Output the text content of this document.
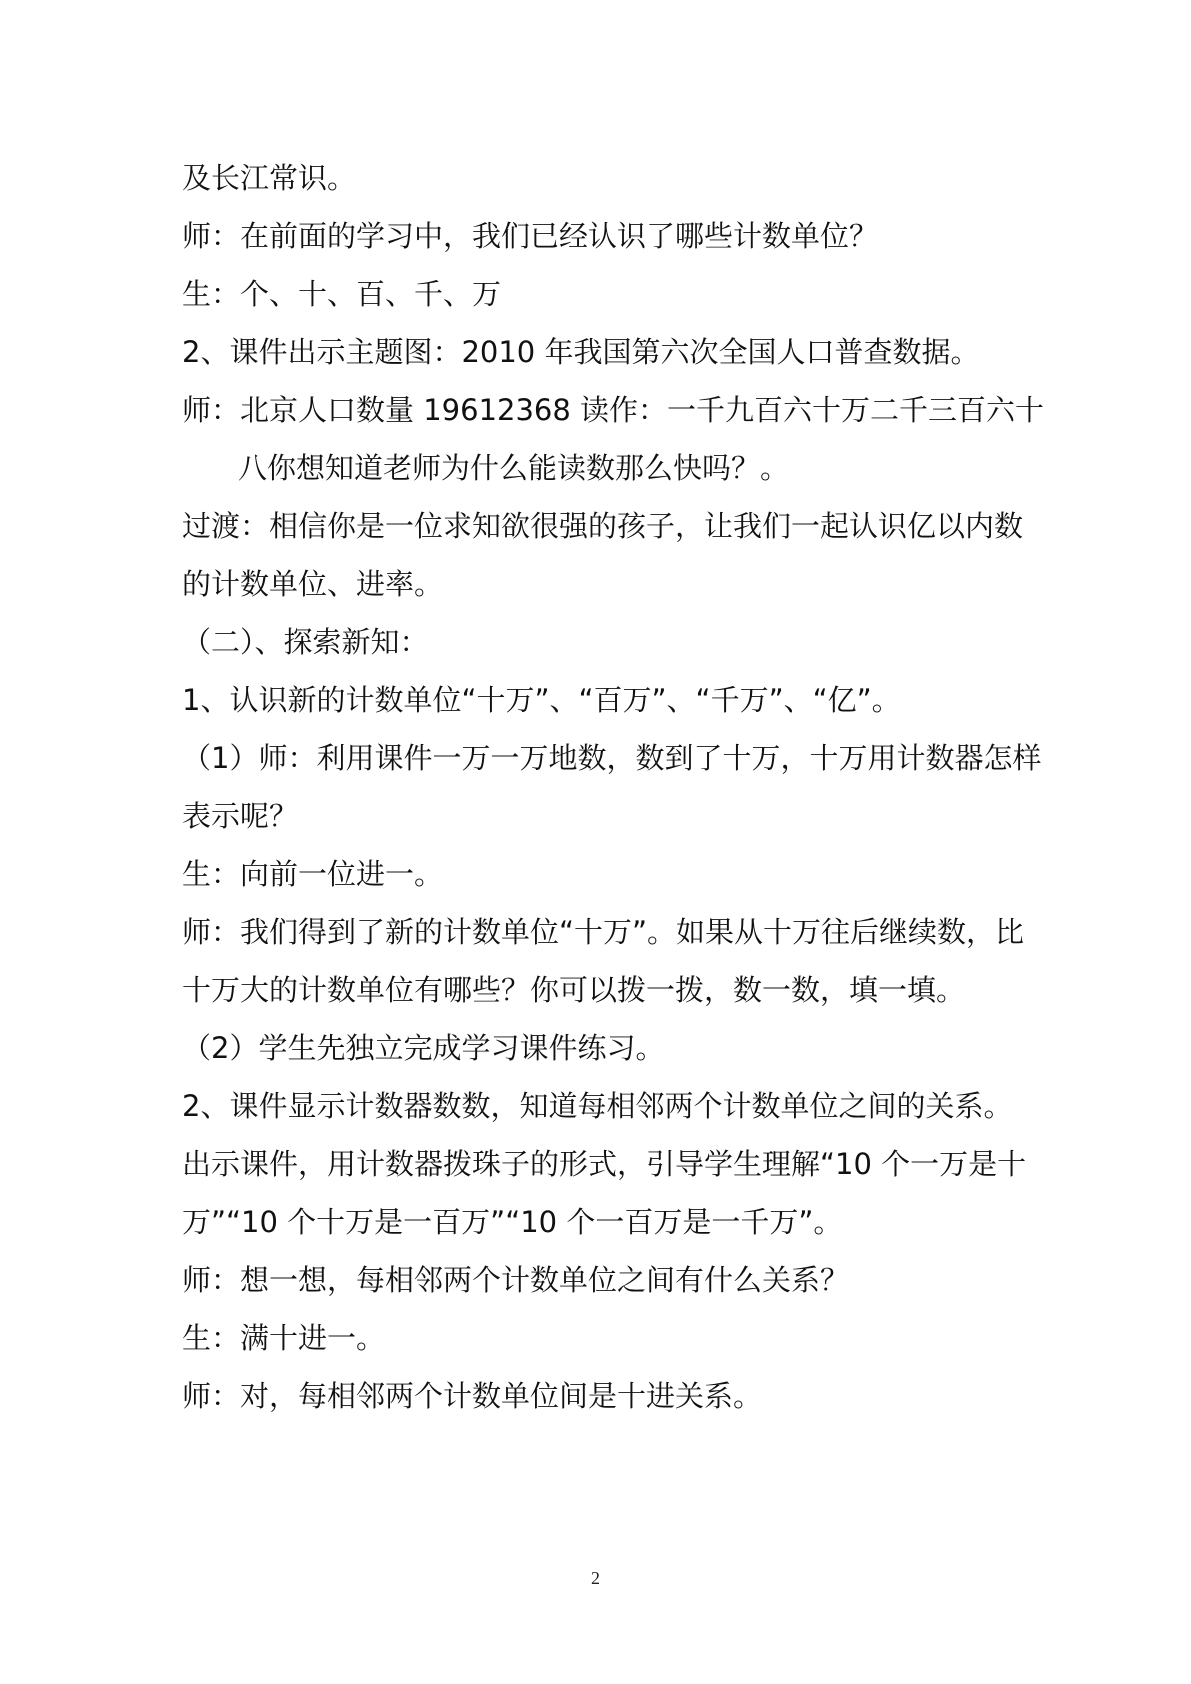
及长江常识。
师：在前面的学习中，我们已经认识了哪些计数单位？
生：个、十、百、千、万
2、课件出示主题图：2010 年我国第六次全国人口普查数据。
师：北京人口数量 19612368 读作：一千九百六十万二千三百六十
八你想知道老师为什么能读数那么快吗？。
过渡：相信你是一位求知欲很强的孩子，让我们一起认识亿以内数
的计数单位、进率。
（二）、探索新知：
1、认识新的计数单位“十万”、“百万”、“千万”、“亿”。
（1）师：利用课件一万一万地数，数到了十万，十万用计数器怎样
表示呢？
生：向前一位进一。
师：我们得到了新的计数单位“十万”。如果从十万往后继续数，比
十万大的计数单位有哪些？你可以拨一拨，数一数，填一填。
（2）学生先独立完成学习课件练习。
2、课件显示计数器数数，知道每相邻两个计数单位之间的关系。
出示课件，用计数器拨珠子的形式，引导学生理解“10 个一万是十
万”“10 个十万是一百万”“10 个一百万是一千万”。
师：想一想，每相邻两个计数单位之间有什么关系？
生：满十进一。
师：对，每相邻两个计数单位间是十进关系。
2
